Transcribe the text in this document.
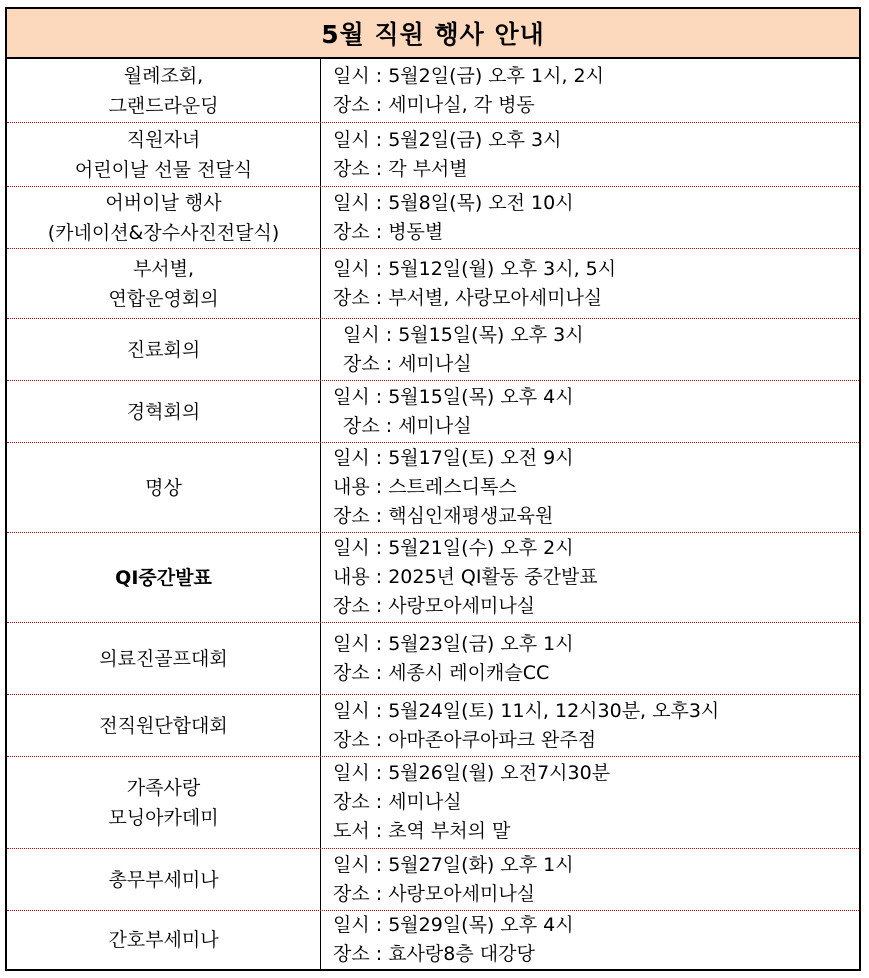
5월 직원 행사 안내
월례조회,
그랜드라운딩
일시 : 5월2일(금) 오후 1시, 2시
장소 : 세미나실, 각 병동
직원자녀
어린이날 선물 전달식
일시 : 5월2일(금) 오후 3시
장소 : 각 부서별
어버이날 행사
(카네이션&장수사진전달식)
일시 : 5월8일(목) 오전 10시
장소 : 병동별
부서별,
연합운영회의
일시 : 5월12일(월) 오후 3시, 5시
장소 : 부서별, 사랑모아세미나실
진료회의
일시 : 5월15일(목) 오후 3시
장소 : 세미나실
경혁회의
일시 : 5월15일(목) 오후 4시
장소 : 세미나실
명상
일시 : 5월17일(토) 오전 9시
내용 : 스트레스디톡스
장소 : 핵심인재평생교육원
QI중간발표
일시 : 5월21일(수) 오후 2시
내용 : 2025년 QI활동 중간발표
장소 : 사랑모아세미나실
의료진골프대회
일시 : 5월23일(금) 오후 1시
장소 : 세종시 레이캐슬CC
전직원단합대회
일시 : 5월24일(토) 11시, 12시30분, 오후3시
장소 : 아마존아쿠아파크 완주점
가족사랑
모닝아카데미
일시 : 5월26일(월) 오전7시30분
장소 : 세미나실
도서 : 초역 부처의 말
총무부세미나
일시 : 5월27일(화) 오후 1시
장소 : 사랑모아세미나실
간호부세미나
일시 : 5월29일(목) 오후 4시
장소 : 효사랑8층 대강당
